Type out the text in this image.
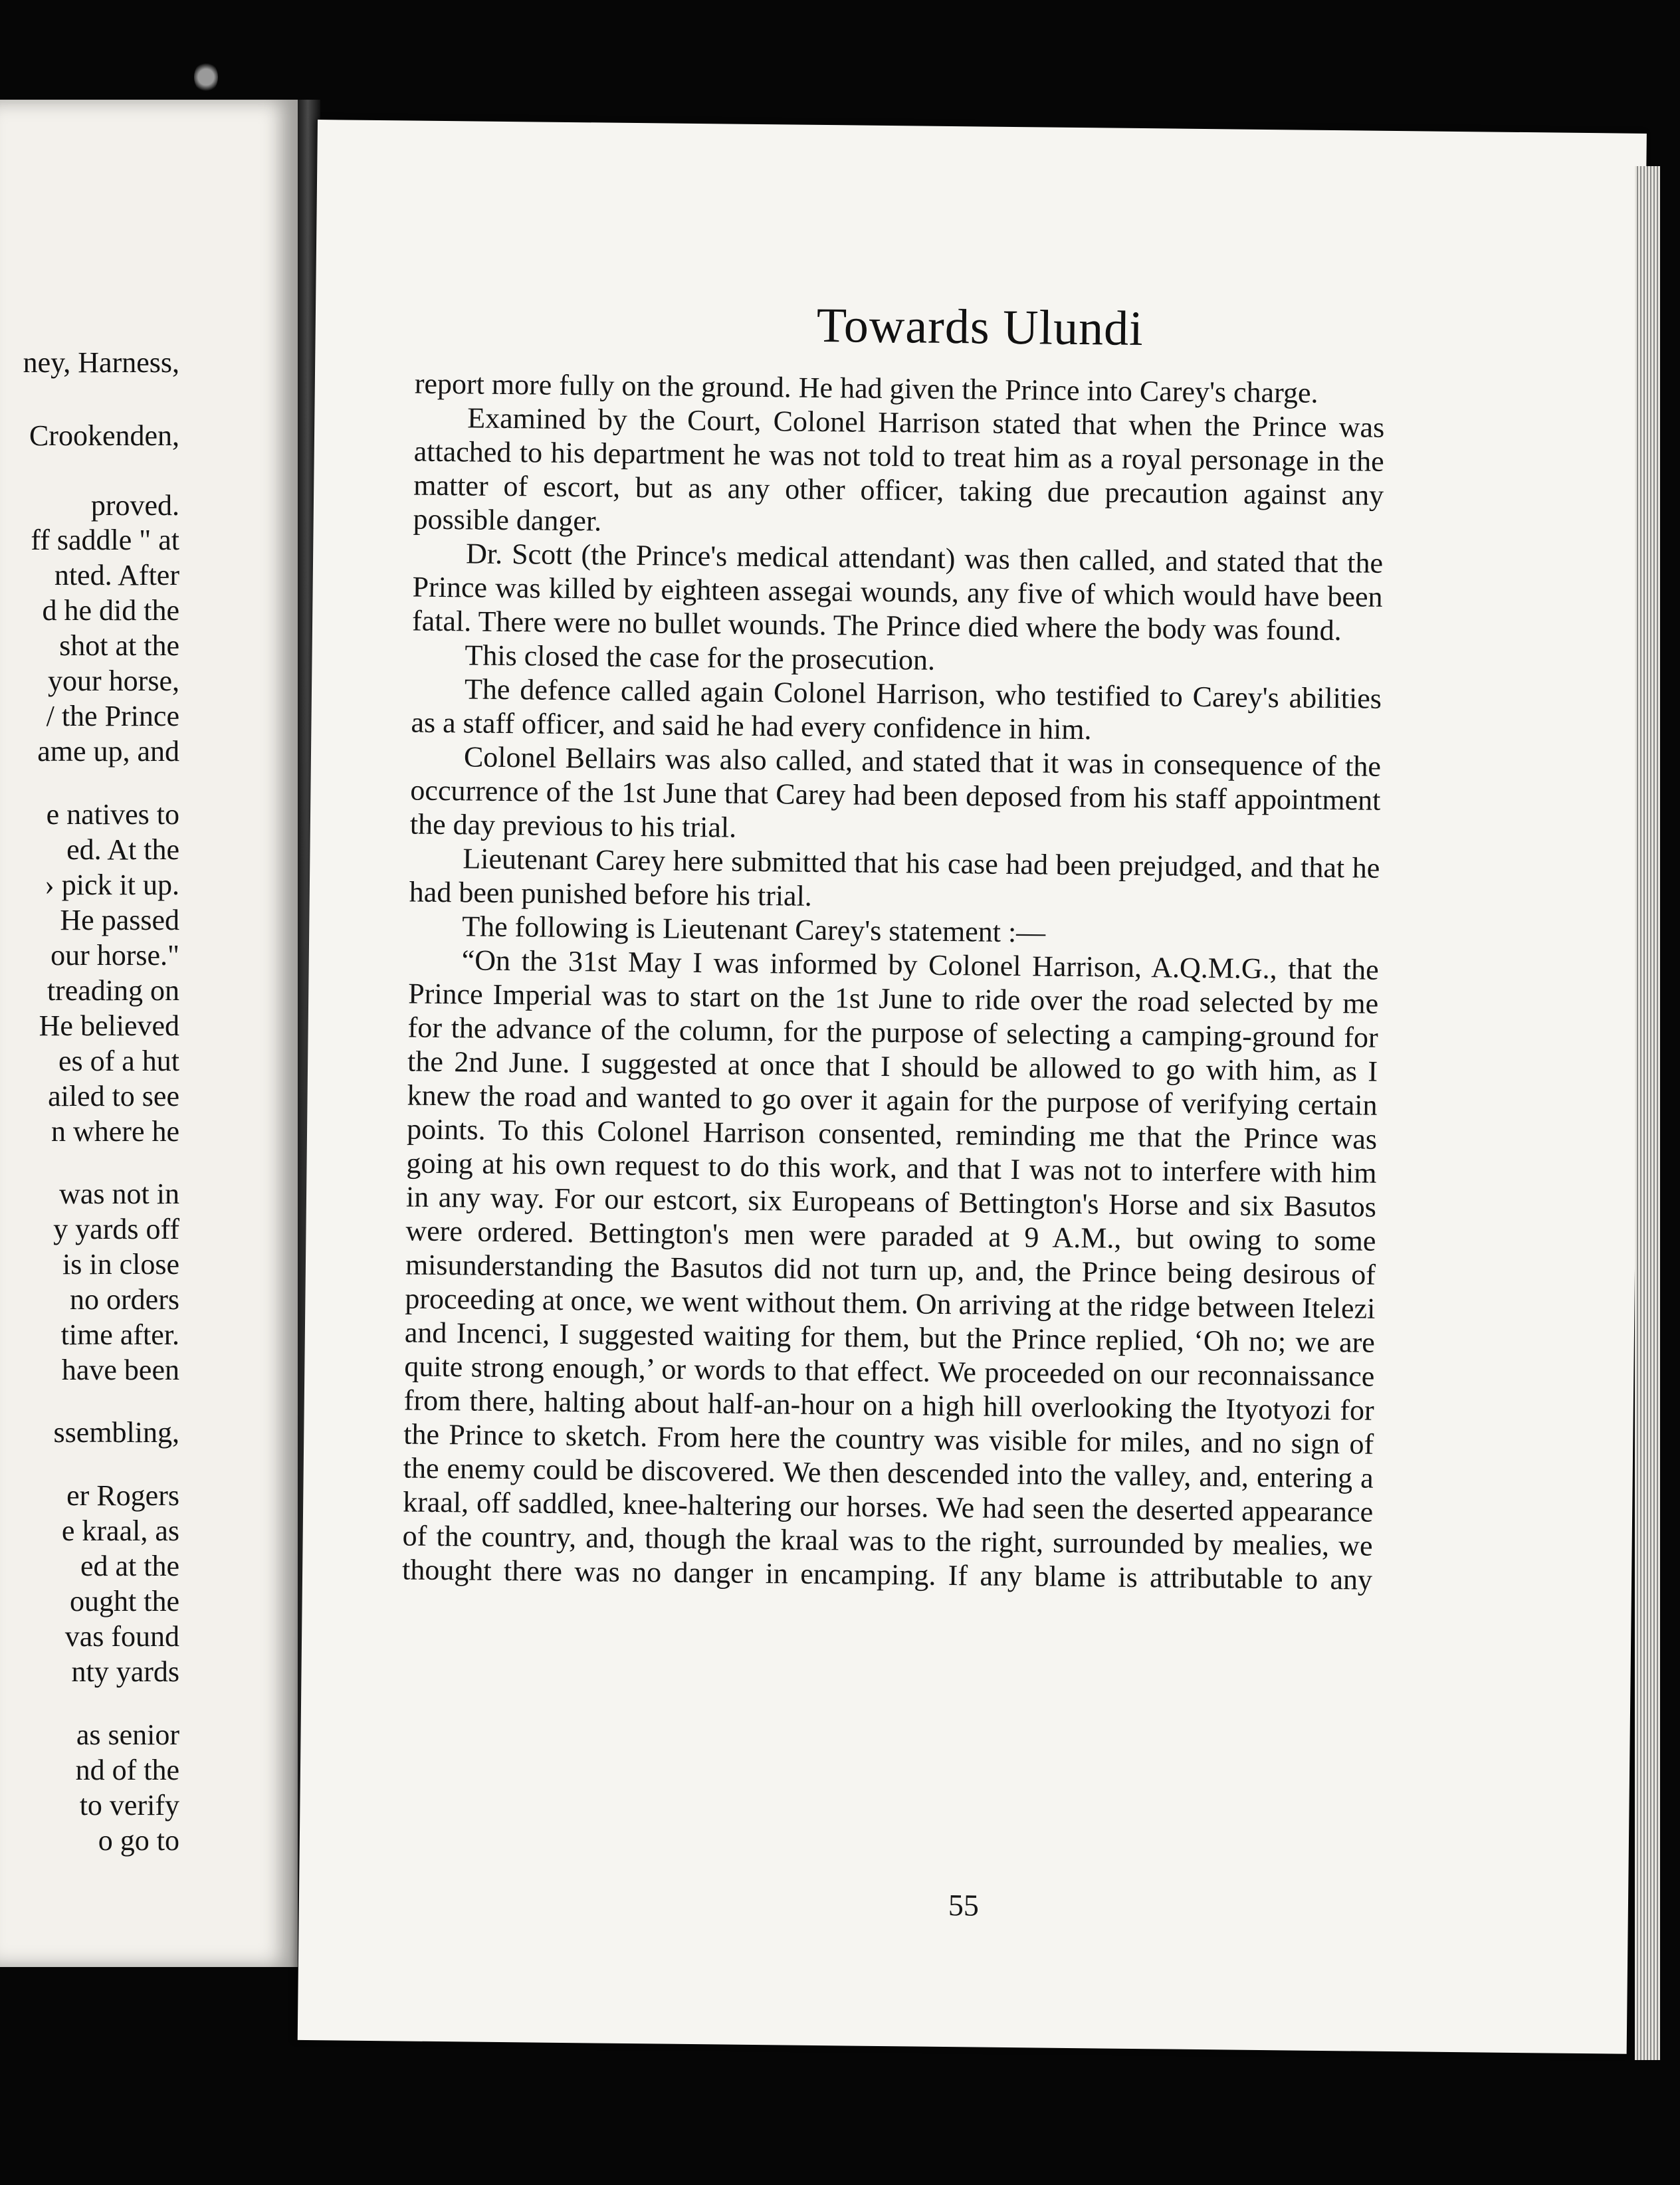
ney, Harness,
Crookenden,
proved.
ff saddle " at
nted. After
d he did the
shot at the
your horse,
/ the Prince
ame up, and
e natives to
ed. At the
› pick it up.
He passed
our horse."
treading on
He believed
es of a hut
ailed to see
n where he
was not in
y yards off
is in close
no orders
time after.
have been
ssembling,
er Rogers
e kraal, as
ed at the
ought the
vas found
nty yards
as senior
nd of the
to verify
o go to
Towards Ulundi

report more fully on the ground. He had given the Prince into Carey's charge.

Examined by the Court, Colonel Harrison stated that when the Prince was attached to his department he was not told to treat him as a royal personage in the matter of escort, but as any other officer, taking due precaution against any possible danger.

Dr. Scott (the Prince's medical attendant) was then called, and stated that the Prince was killed by eighteen assegai wounds, any five of which would have been fatal. There were no bullet wounds. The Prince died where the body was found.

This closed the case for the prosecution.

The defence called again Colonel Harrison, who testified to Carey's abilities as a staff officer, and said he had every confidence in him.

Colonel Bellairs was also called, and stated that it was in consequence of the occurrence of the 1st June that Carey had been deposed from his staff appointment the day previous to his trial.

Lieutenant Carey here submitted that his case had been prejudged, and that he had been punished before his trial.

The following is Lieutenant Carey's statement :—

“On the 31st May I was informed by Colonel Harrison, A.Q.M.G., that the Prince Imperial was to start on the 1st June to ride over the road selected by me for the advance of the column, for the purpose of selecting a camping-ground for the 2nd June. I suggested at once that I should be allowed to go with him, as I knew the road and wanted to go over it again for the purpose of verifying certain points. To this Colonel Harrison consented, reminding me that the Prince was going at his own request to do this work, and that I was not to interfere with him in any way. For our estcort, six Europeans of Bettington's Horse and six Basutos were ordered. Bettington's men were paraded at 9 A.M., but owing to some misunderstanding the Basutos did not turn up, and, the Prince being desirous of proceeding at once, we went without them. On arriving at the ridge between Itelezi and Incenci, I suggested waiting for them, but the Prince replied, ‘Oh no; we are quite strong enough,’ or words to that effect. We proceeded on our reconnaissance from there, halting about half-an-hour on a high hill overlooking the Ityotyozi for the Prince to sketch. From here the country was visible for miles, and no sign of the enemy could be discovered. We then descended into the valley, and, entering a kraal, off saddled, knee-haltering our horses. We had seen the deserted appearance of the country, and, though the kraal was to the right, surrounded by mealies, we thought there was no danger in encamping. If any blame is attributable to any

55
